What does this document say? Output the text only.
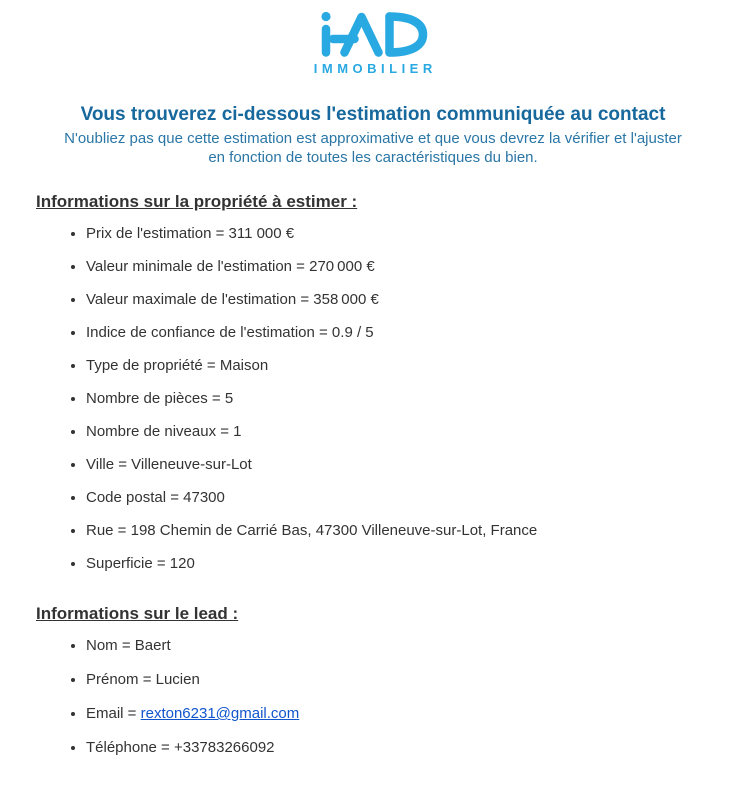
IMMOBILIER
Vous trouverez ci-dessous l'estimation communiquée au contact
N'oubliez pas que cette estimation est approximative et que vous devrez la vérifier et l'ajuster
en fonction de toutes les caractéristiques du bien.
Informations sur la propriété à estimer :
• Prix de l'estimation = 311 000 €
• Valeur minimale de l'estimation = 270 000 €
• Valeur maximale de l'estimation = 358 000 €
• Indice de confiance de l'estimation = 0.9 / 5
• Type de propriété = Maison
• Nombre de pièces = 5
• Nombre de niveaux = 1
• Ville = Villeneuve-sur-Lot
• Code postal = 47300
• Rue = 198 Chemin de Carrié Bas, 47300 Villeneuve-sur-Lot, France
• Superficie = 120
Informations sur le lead :
• Nom = Baert
• Prénom = Lucien
• Email = rexton6231@gmail.com
• Téléphone = +33783266092
